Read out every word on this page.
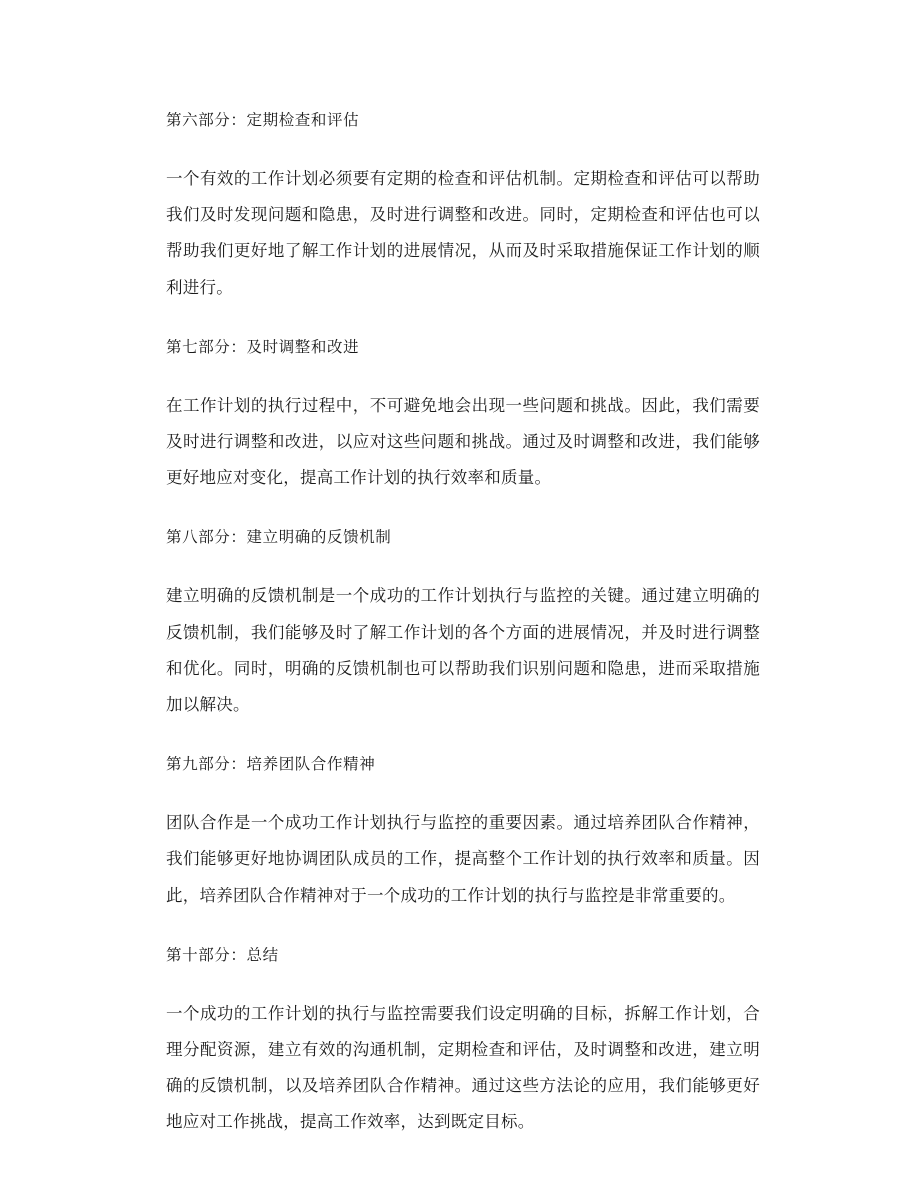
第六部分：定期检查和评估

一个有效的工作计划必须要有定期的检查和评估机制。定期检查和评估可以帮助我们及时发现问题和隐患，及时进行调整和改进。同时，定期检查和评估也可以帮助我们更好地了解工作计划的进展情况，从而及时采取措施保证工作计划的顺利进行。

第七部分：及时调整和改进

在工作计划的执行过程中，不可避免地会出现一些问题和挑战。因此，我们需要及时进行调整和改进，以应对这些问题和挑战。通过及时调整和改进，我们能够更好地应对变化，提高工作计划的执行效率和质量。

第八部分：建立明确的反馈机制

建立明确的反馈机制是一个成功的工作计划执行与监控的关键。通过建立明确的反馈机制，我们能够及时了解工作计划的各个方面的进展情况，并及时进行调整和优化。同时，明确的反馈机制也可以帮助我们识别问题和隐患，进而采取措施加以解决。

第九部分：培养团队合作精神

团队合作是一个成功工作计划执行与监控的重要因素。通过培养团队合作精神，我们能够更好地协调团队成员的工作，提高整个工作计划的执行效率和质量。因此，培养团队合作精神对于一个成功的工作计划的执行与监控是非常重要的。

第十部分：总结

一个成功的工作计划的执行与监控需要我们设定明确的目标，拆解工作计划，合理分配资源，建立有效的沟通机制，定期检查和评估，及时调整和改进，建立明确的反馈机制，以及培养团队合作精神。通过这些方法论的应用，我们能够更好地应对工作挑战，提高工作效率，达到既定目标。
